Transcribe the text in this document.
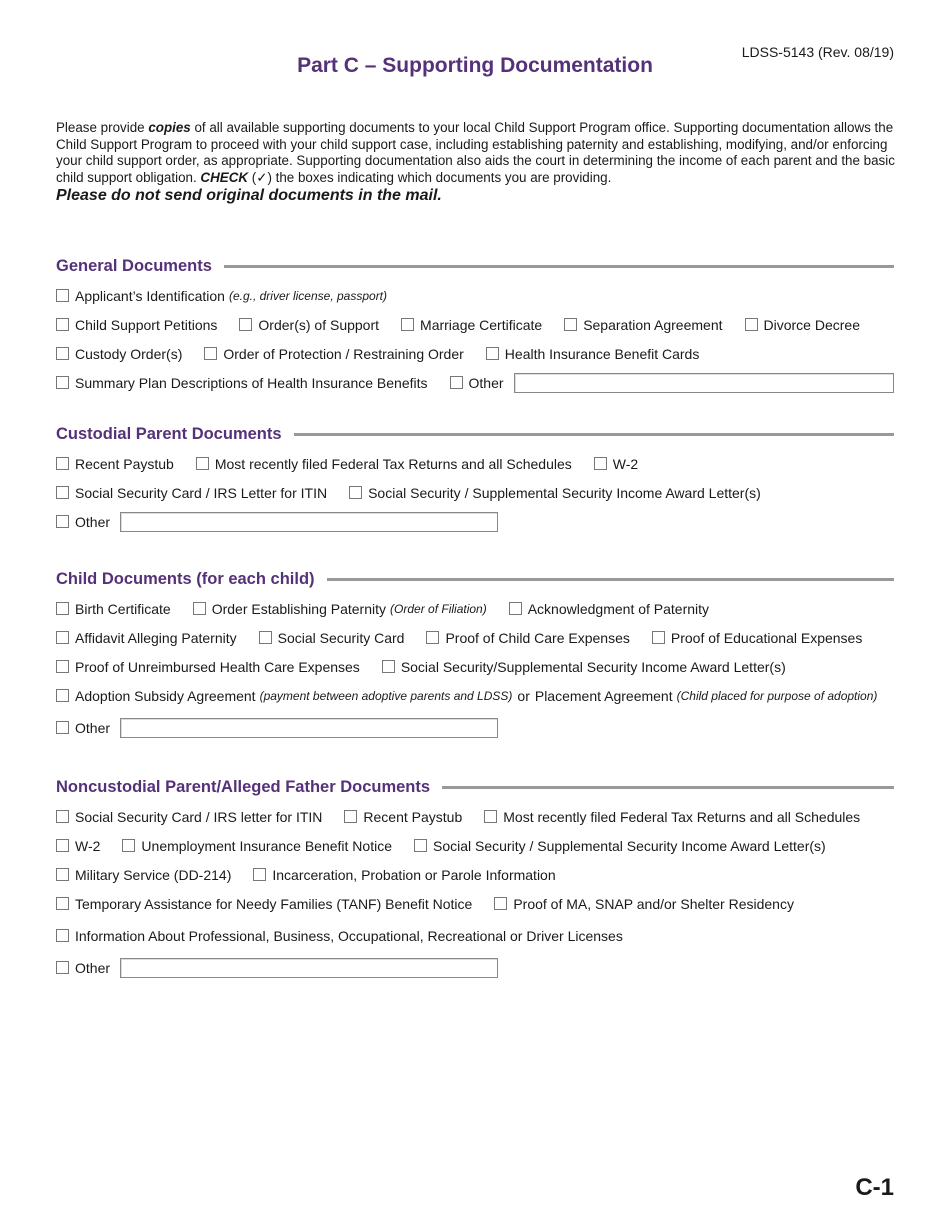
LDSS-5143 (Rev. 08/19)
Part C – Supporting Documentation

Please provide copies of all available supporting documents to your local Child Support Program office. Supporting documentation allows the Child Support Program to proceed with your child support case, including establishing paternity and establishing, modifying, and/or enforcing your child support order, as appropriate. Supporting documentation also aids the court in determining the income of each parent and the basic child support obligation. CHECK (✓) the boxes indicating which documents you are providing.

Please do not send original documents in the mail.

General Documents
Applicant’s Identification (e.g., driver license, passport)
Child Support Petitions	Order(s) of Support	Marriage Certificate	Separation Agreement	Divorce Decree
Custody Order(s)	Order of Protection / Restraining Order	Health Insurance Benefit Cards
Summary Plan Descriptions of Health Insurance Benefits	Other
Custodial Parent Documents
Recent Paystub	Most recently filed Federal Tax Returns and all Schedules	W-2
Social Security Card / IRS Letter for ITIN	Social Security / Supplemental Security Income Award Letter(s)
Other
Child Documents (for each child)
Birth Certificate	Order Establishing Paternity (Order of Filiation)	Acknowledgment of Paternity
Affidavit Alleging Paternity	Social Security Card	Proof of Child Care Expenses	Proof of Educational Expenses
Proof of Unreimbursed Health Care Expenses	Social Security/Supplemental Security Income Award Letter(s)
Adoption Subsidy Agreement (payment between adoptive parents and LDSS) or Placement Agreement (Child placed for purpose of adoption)
Other
Noncustodial Parent/Alleged Father Documents
Social Security Card / IRS letter for ITIN	Recent Paystub	Most recently filed Federal Tax Returns and all Schedules
W-2	Unemployment Insurance Benefit Notice	Social Security / Supplemental Security Income Award Letter(s)
Military Service (DD-214)	Incarceration, Probation or Parole Information
Temporary Assistance for Needy Families (TANF) Benefit Notice	Proof of MA, SNAP and/or Shelter Residency
Information About Professional, Business, Occupational, Recreational or Driver Licenses
Other
C-1
